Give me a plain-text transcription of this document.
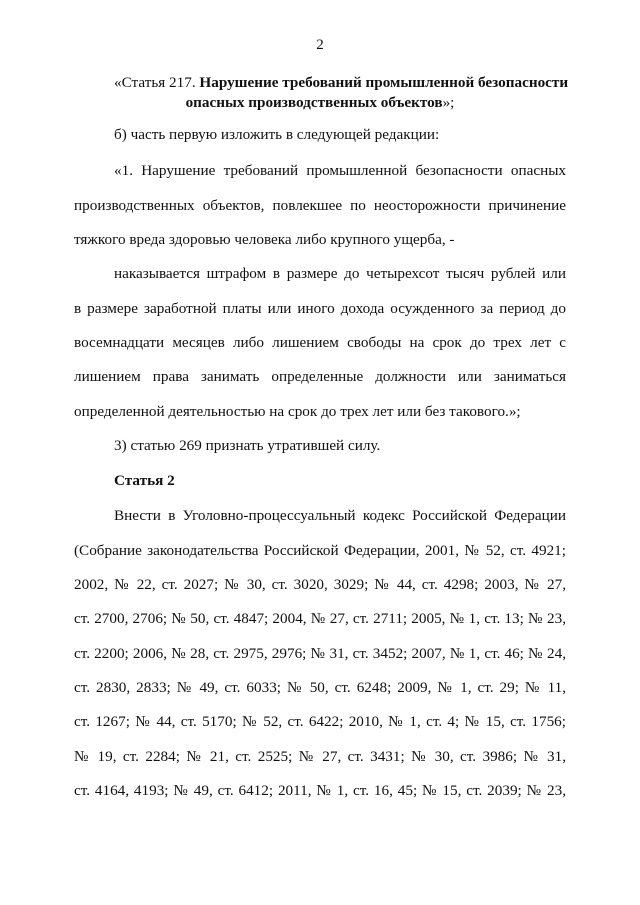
2
«Статья 217. Нарушение требований промышленной безопасности
опасных производственных объектов»;
б) часть первую изложить в следующей редакции:
«1. Нарушение требований промышленной безопасности опасных
производственных объектов, повлекшее по неосторожности причинение
тяжкого вреда здоровью человека либо крупного ущерба, -
наказывается штрафом в размере до четырехсот тысяч рублей или
в размере заработной платы или иного дохода осужденного за период до
восемнадцати месяцев либо лишением свободы на срок до трех лет с
лишением права занимать определенные должности или заниматься
определенной деятельностью на срок до трех лет или без такового.»;
3) статью 269 признать утратившей силу.
Статья 2
Внести в Уголовно-процессуальный кодекс Российской Федерации
(Собрание законодательства Российской Федерации, 2001, № 52, ст. 4921;
2002, № 22, ст. 2027; № 30, ст. 3020, 3029; № 44, ст. 4298; 2003, № 27,
ст. 2700, 2706; № 50, ст. 4847; 2004, № 27, ст. 2711; 2005, № 1, ст. 13; № 23,
ст. 2200; 2006, № 28, ст. 2975, 2976; № 31, ст. 3452; 2007, № 1, ст. 46; № 24,
ст. 2830, 2833; № 49, ст. 6033; № 50, ст. 6248; 2009, № 1, ст. 29; № 11,
ст. 1267; № 44, ст. 5170; № 52, ст. 6422; 2010, № 1, ст. 4; № 15, ст. 1756;
№ 19, ст. 2284; № 21, ст. 2525; № 27, ст. 3431; № 30, ст. 3986; № 31,
ст. 4164, 4193; № 49, ст. 6412; 2011, № 1, ст. 16, 45; № 15, ст. 2039; № 23,
